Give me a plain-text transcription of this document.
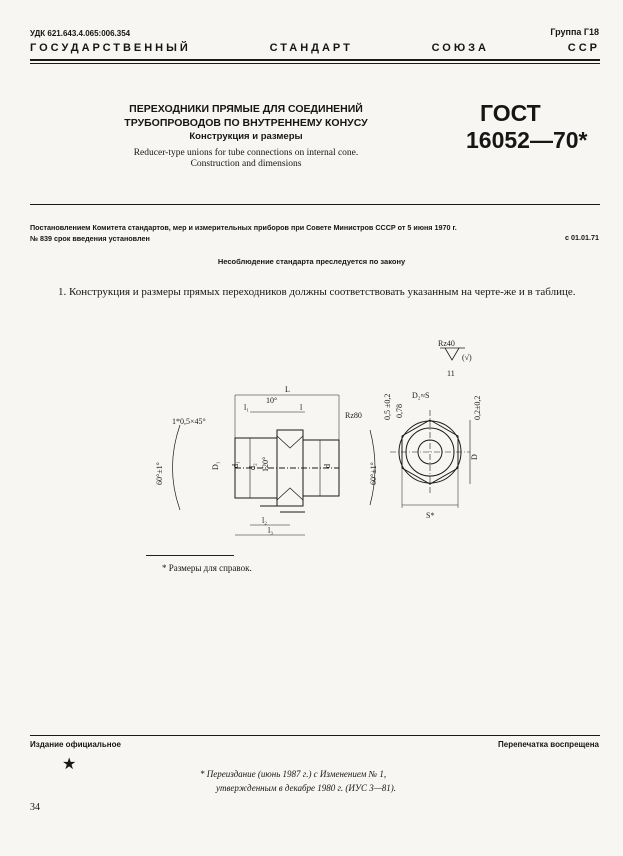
УДК 621.643.4.065:006.354	Группа Г18
ГОСУДАРСТВЕННЫЙ	СТАНДАРТ	СОЮЗА	ССР
ПЕРЕХОДНИКИ ПРЯМЫЕ ДЛЯ СОЕДИНЕНИЙ
ТРУБОПРОВОДОВ ПО ВНУТРЕННЕМУ КОНУСУ
Конструкция и размеры
Reducer-type unions for tube connections on internal cone.
Construction and dimensions
ГОСТ
16052—70*
Постановлением Комитета стандартов, мер и измерительных приборов при Совете Министров СССР от 5 июня 1970 г.
№ 839 срок введения установлен	с 01.01.71
Несоблюдение стандарта преследуется по закону
1. Конструкция и размеры прямых переходников должны соответствовать указанным на черте-же и в таблице.
Rz40
(√)
L
l₁	l
10°
1*0,5×45°
D₁ d₁ d₂	d
120°
60°±1°	60°±1°
l₂
l₃
Rz80	0,5 ±0,2 0,78
D₂≈S
0,2±0,2
S*
D
11
* Размеры для справок.
Издание официальное	Перепечатка воспрещена
★
* Переиздание (июнь 1987 г.) с Изменением № 1,
утвержденным в декабре 1980 г. (ИУС 3—81).
34
